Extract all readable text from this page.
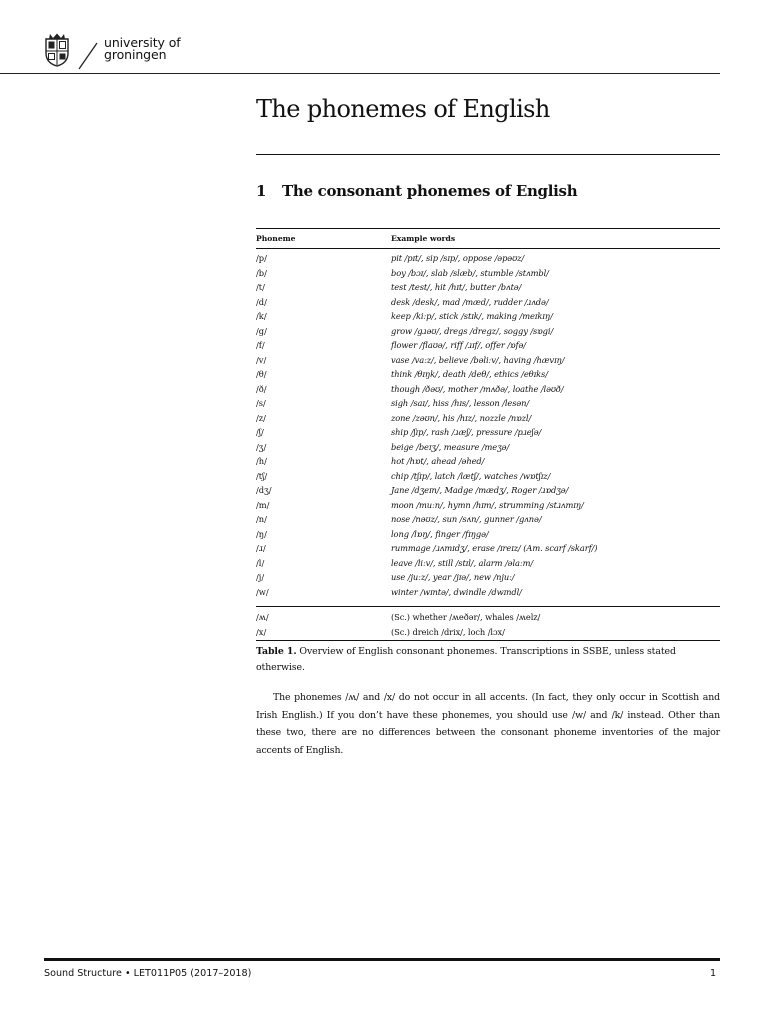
university of
groningen
The phonemes of English
1 The consonant phonemes of English
Phoneme	Example words
/p/	pit /pɪt/, sip /sɪp/, oppose /əpəʊz/
/b/	boy /bɔɪ/, slab /slæb/, stumble /stʌmbl/
/t/	test /test/, hit /hɪt/, butter /bʌtə/
/d/	desk /desk/, mad /mæd/, rudder /ɹʌdə/
/k/	keep /kiːp/, stick /stɪk/, making /meɪkɪŋ/
/g/	grow /gɹəʊ/, dregs /dregz/, soggy /sɒgi/
/f/	flower /flaʊə/, riff /ɹɪf/, offer /ɒfə/
/v/	vase /vaːz/, believe /bəliːv/, having /hævɪŋ/
/θ/	think /θɪŋk/, death /deθ/, ethics /eθɪks/
/ð/	though /ðəʊ/, mother /mʌðə/, loathe /ləʊð/
/s/	sigh /saɪ/, hiss /hɪs/, lesson /lesən/
/z/	zone /zəʊn/, his /hɪz/, nozzle /nɒzl/
/ʃ/	ship /ʃɪp/, rash /ɹæʃ/, pressure /pɹeʃə/
/ʒ/	beige /beɪʒ/, measure /meʒə/
/h/	hot /hɒt/, ahead /əhed/
/tʃ/	chip /tʃɪp/, latch /lætʃ/, watches /wɒtʃɪz/
/dʒ/	Jane /dʒeɪn/, Madge /mædʒ/, Roger /ɹɒdʒə/
/m/	moon /muːn/, hymn /hɪm/, strumming /stɹʌmɪŋ/
/n/	nose /nəʊz/, sun /sʌn/, gunner /gʌnə/
/ŋ/	long /lɒŋ/, finger /fɪŋgə/
/ɹ/	rummage /ɹʌmɪdʒ/, erase /ɪreɪz/ (Am. scarf /skarf/)
/l/	leave /liːv/, still /stɪl/, alarm /əlaːm/
/j/	use /juːz/, year /jɪə/, new /njuː/
/w/	winter /wɪntə/, dwindle /dwɪndl/
/ʍ/	(Sc.) whether /ʍeðər/, whales /ʍelz/
/x/	(Sc.) dreich /drix/, loch /lɔx/

Table 1. Overview of English consonant phonemes. Transcriptions in SSBE, unless stated otherwise.

The phonemes /ʍ/ and /x/ do not occur in all accents. (In fact, they only occur in Scottish and Irish English.) If you don’t have these phonemes, you should use /w/ and /k/ instead. Other than these two, there are no differences between the consonant phoneme inventories of the major accents of English.

Sound Structure • LET011P05 (2017–2018)	1
